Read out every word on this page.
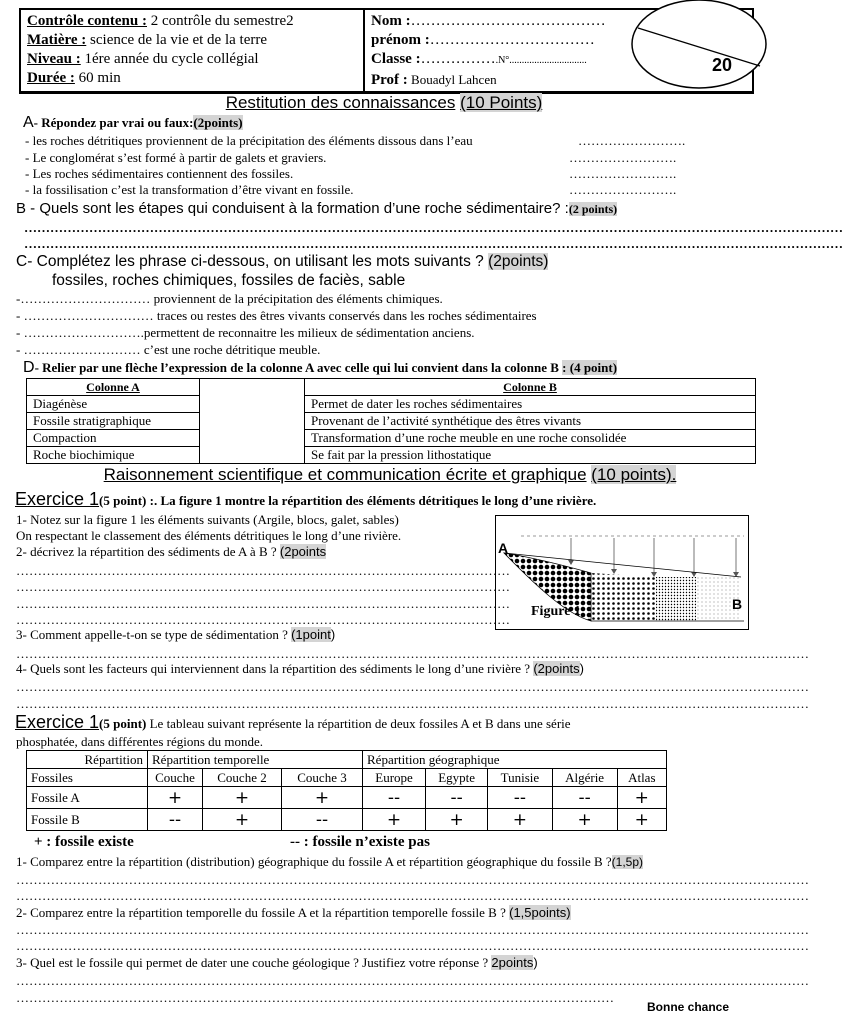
Contrôle contenu : 2 contrôle du semestre2
Matière : science de la vie et de la terre
Niveau : 1ére année du cycle collégial
Durée : 60 min

Nom :…………………………………
prénom :……………………………
Classe :…………….N°...............................
Prof : Bouadyl Lahcen
20
Restitution des connaissances (10 Points)
A- Répondez par vrai ou faux:(2points)
- les roches détritiques proviennent de la précipitation des éléments dissous dans l’eau	…………………….
- Le conglomérat s’est formé à partir de galets et graviers.	…………………….
- Les roches sédimentaires contiennent des fossiles.	…………………….
- la fossilisation c’est la transformation d’être vivant en fossile.	…………………….
B - Quels sont les étapes qui conduisent à la formation d’une roche sédimentaire? :(2 points)
………………………………………………………………………………………………………………………………………………………………………
………………………………………………………………………………………………………………………………………………………………………
C- Complétez les phrase ci-dessous, on utilisant les mots suivants ? (2points)
fossiles, roches chimiques, fossiles de faciès, sable
-………………………… proviennent de la précipitation des éléments chimiques.
- ………………………… traces ou restes des êtres vivants conservés dans les roches sédimentaires
- ……………………….permettent de reconnaitre les milieux de sédimentation anciens.
- ……………………… c’est une roche détritique meuble.
D- Relier par une flèche l’expression de la colonne A avec celle qui lui convient dans la colonne B : (4 point)
Colonne A		Colonne B
Diagénèse		Permet de dater les roches sédimentaires
Fossile stratigraphique		Provenant de l’activité synthétique des êtres vivants
Compaction		Transformation d’une roche meuble en une roche consolidée
Roche biochimique		Se fait par la pression lithostatique
Raisonnement scientifique et communication écrite et graphique (10 points).
Exercice 1(5 point) :. La figure 1 montre la répartition des éléments détritiques le long d’une rivière.
1- Notez sur la figure 1 les éléments suivants (Argile, blocs, galet, sables)
On respectant le classement des éléments détritiques le long d’une rivière.
2- décrivez la répartition des sédiments de A à B ? (2points
……………………………………………………………………………………………………
……………………………………………………………………………………………………
……………………………………………………………………………………………………
……………………………………………………………………………………………………
Figure 1
A
B
3- Comment appelle-t-on se type de sédimentation ? (1point)
…………………………………………………………………………………………………………………………………………………………………
4- Quels sont les facteurs qui interviennent dans la répartition des sédiments le long d’une rivière ? (2points)
…………………………………………………………………………………………………………………………………………………………………
…………………………………………………………………………………………………………………………………………………………………
Exercice 1(5 point) Le tableau suivant représente la répartition de deux fossiles A et B dans une série
phosphatée, dans différentes régions du monde.
Répartition	Répartition temporelle			Répartition géographique				
Fossiles	Couche	Couche 2	Couche 3	Europe	Egypte	Tunisie	Algérie	Atlas
Fossile A	+	+	+	--	--	--	--	+
Fossile B	--	+	--	+	+	+	+	+
+ : fossile existe	-- : fossile n’existe pas
1- Comparez entre la répartition (distribution) géographique du fossile A et répartition géographique du fossile B ?(1,5p)
…………………………………………………………………………………………………………………………………………………………………
…………………………………………………………………………………………………………………………………………………………………
2- Comparez entre la répartition temporelle du fossile A et la répartition temporelle fossile B ? (1,5points)
…………………………………………………………………………………………………………………………………………………………………
…………………………………………………………………………………………………………………………………………………………………
3- Quel est le fossile qui permet de dater une couche géologique ? Justifiez votre réponse ? 2points)
…………………………………………………………………………………………………………………………………………………………………
…………………………………………………………………………………………………………………………
Bonne chance
